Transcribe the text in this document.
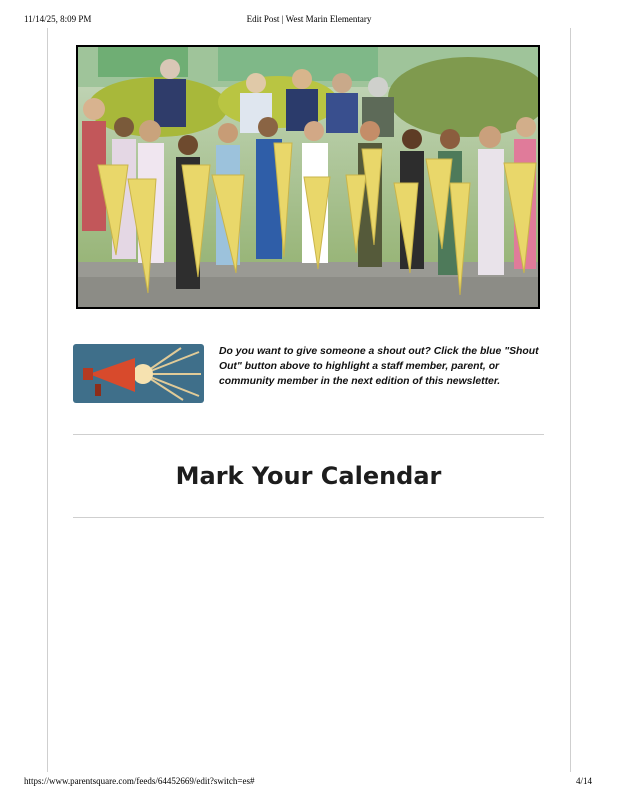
11/14/25, 8:09 PM	Edit Post | West Marin Elementary
Do you want to give someone a shout out? Click the blue "Shout Out" button above to highlight a staff member, parent, or community member in the next edition of this newsletter.
Mark Your Calendar
https://www.parentsquare.com/feeds/64452669/edit?switch=es#	4/14
